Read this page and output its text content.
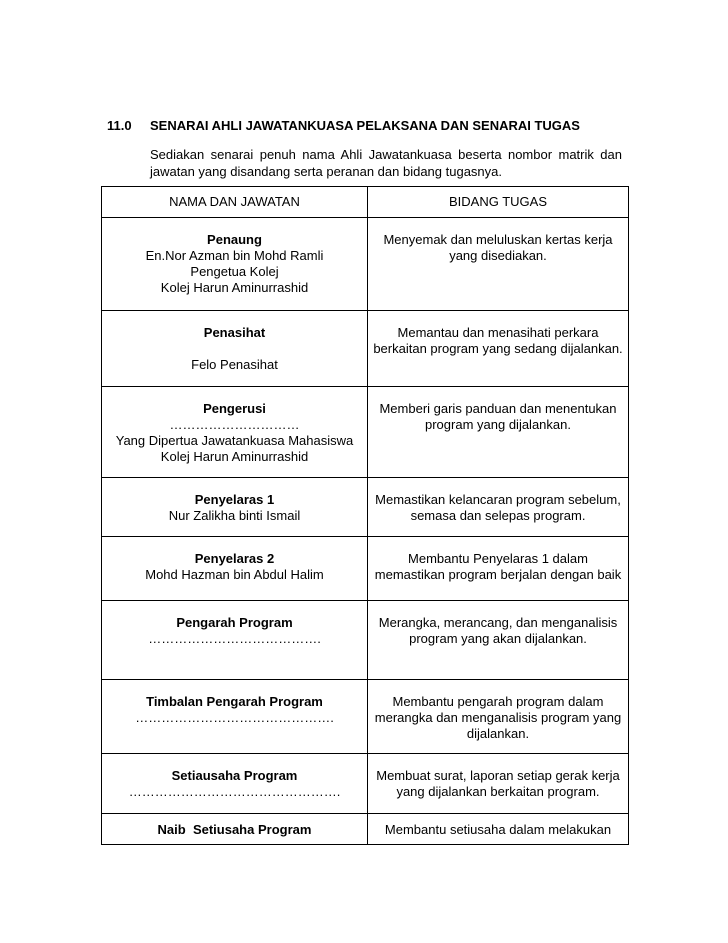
11.0 SENARAI AHLI JAWATANKUASA PELAKSANA DAN SENARAI TUGAS
Sediakan senarai penuh nama Ahli Jawatankuasa beserta nombor matrik dan jawatan yang disandang serta peranan dan bidang tugasnya.
NAMA DAN JAWATAN	BIDANG TUGAS

Penaung
En.Nor Azman bin Mohd Ramli
Pengetua Kolej
Kolej Harun Aminurrashid	Menyemak dan meluluskan kertas kerja yang disediakan.

Penasihat
Felo Penasihat	Memantau dan menasihati perkara berkaitan program yang sedang dijalankan.

Pengerusi
…………………………
Yang Dipertua Jawatankuasa Mahasiswa
Kolej Harun Aminurrashid	Memberi garis panduan dan menentukan program yang dijalankan.

Penyelaras 1
Nur Zalikha binti Ismail	Memastikan kelancaran program sebelum, semasa dan selepas program.

Penyelaras 2
Mohd Hazman bin Abdul Halim	Membantu Penyelaras 1 dalam memastikan program berjalan dengan baik

Pengarah Program
………………………………….	Merangka, merancang, dan menganalisis program yang akan dijalankan.

Timbalan Pengarah Program
……………………………………….	Membantu pengarah program dalam merangka dan menganalisis program yang dijalankan.

Setiausaha Program
………………………………………….	Membuat surat, laporan setiap gerak kerja yang dijalankan berkaitan program.

Naib  Setiusaha Program	Membantu setiusaha dalam melakukan
